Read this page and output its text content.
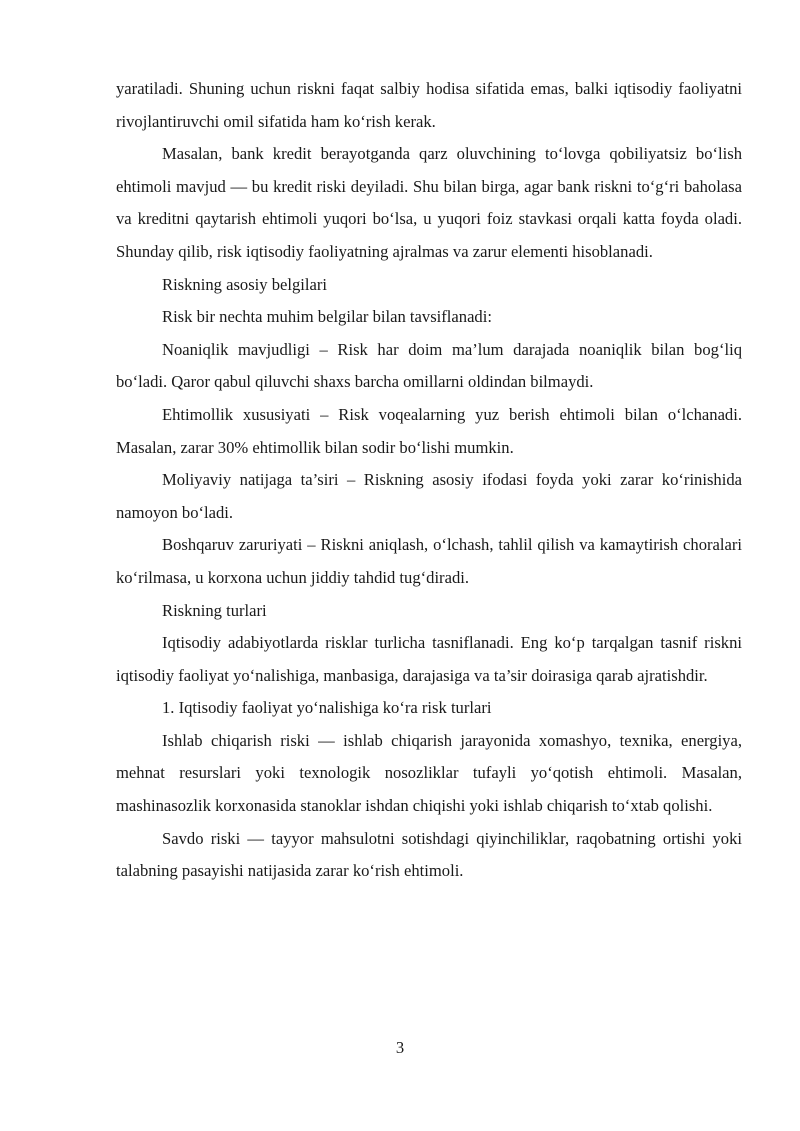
yaratiladi. Shuning uchun riskni faqat salbiy hodisa sifatida emas, balki iqtisodiy faoliyatni rivojlantiruvchi omil sifatida ham koʻrish kerak.

Masalan, bank kredit berayotganda qarz oluvchining toʻlovga qobiliyatsiz boʻlish ehtimoli mavjud — bu kredit riski deyiladi. Shu bilan birga, agar bank riskni toʻgʻri baholasa va kreditni qaytarish ehtimoli yuqori boʻlsa, u yuqori foiz stavkasi orqali katta foyda oladi. Shunday qilib, risk iqtisodiy faoliyatning ajralmas va zarur elementi hisoblanadi.

Riskning asosiy belgilari

Risk bir nechta muhim belgilar bilan tavsiflanadi:

Noaniqlik mavjudligi – Risk har doim ma’lum darajada noaniqlik bilan bogʻliq boʻladi. Qaror qabul qiluvchi shaxs barcha omillarni oldindan bilmaydi.

Ehtimollik xususiyati – Risk voqealarning yuz berish ehtimoli bilan oʻlchanadi. Masalan, zarar 30% ehtimollik bilan sodir boʻlishi mumkin.

Moliyaviy natijaga ta’siri – Riskning asosiy ifodasi foyda yoki zarar koʻrinishida namoyon boʻladi.

Boshqaruv zaruriyati – Riskni aniqlash, oʻlchash, tahlil qilish va kamaytirish choralari koʻrilmasa, u korxona uchun jiddiy tahdid tugʻdiradi.

Riskning turlari

Iqtisodiy adabiyotlarda risklar turlicha tasniflanadi. Eng koʻp tarqalgan tasnif riskni iqtisodiy faoliyat yoʻnalishiga, manbasiga, darajasiga va ta’sir doirasiga qarab ajratishdir.

1. Iqtisodiy faoliyat yoʻnalishiga koʻra risk turlari

Ishlab chiqarish riski — ishlab chiqarish jarayonida xomashyo, texnika, energiya, mehnat resurslari yoki texnologik nosozliklar tufayli yoʻqotish ehtimoli. Masalan, mashinasozlik korxonasida stanoklar ishdan chiqishi yoki ishlab chiqarish toʻxtab qolishi.

Savdo riski — tayyor mahsulotni sotishdagi qiyinchiliklar, raqobatning ortishi yoki talabning pasayishi natijasida zarar koʻrish ehtimoli.

3
